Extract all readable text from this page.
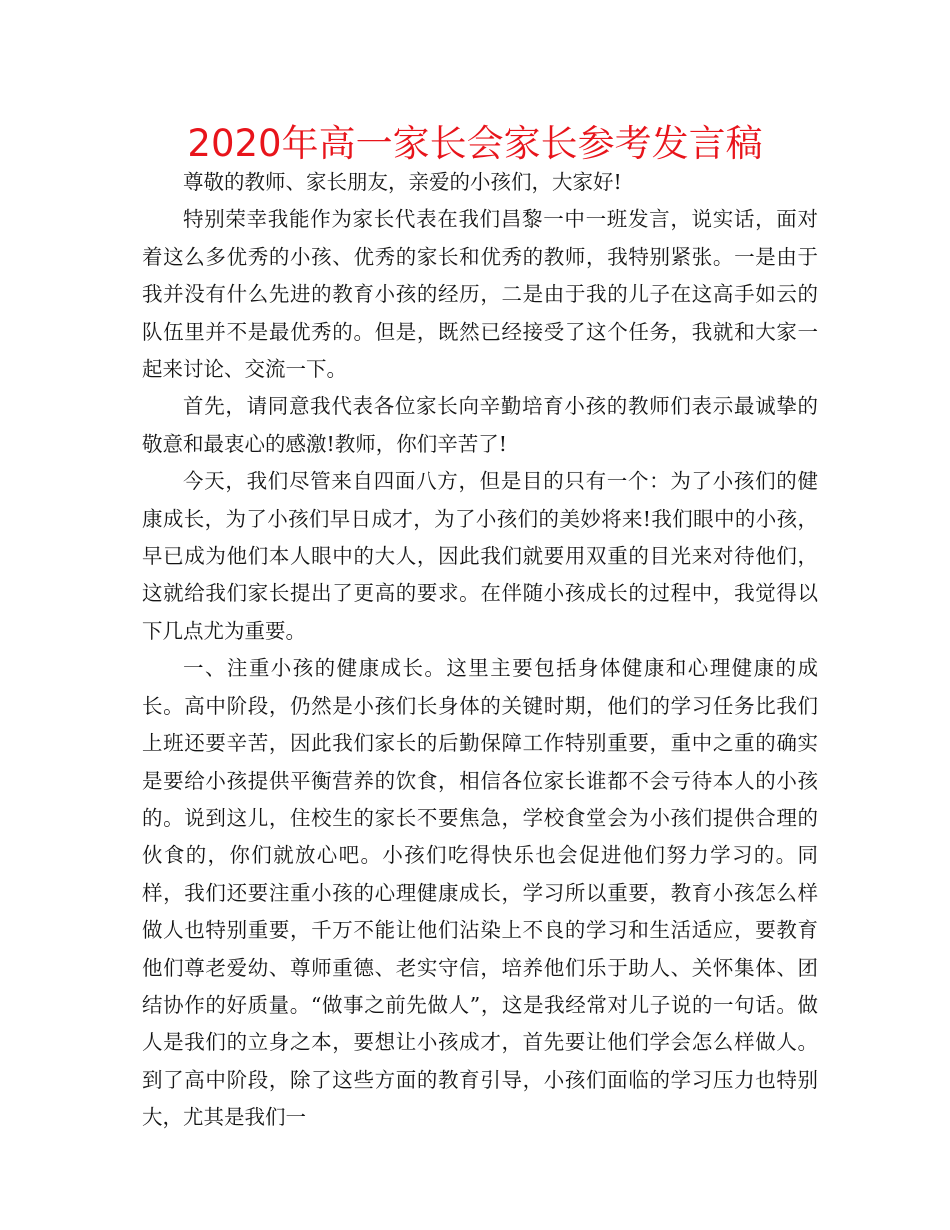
2020年高一家长会家长参考发言稿

尊敬的教师、家长朋友，亲爱的小孩们，大家好!

特别荣幸我能作为家长代表在我们昌黎一中一班发言，说实话，面对着这么多优秀的小孩、优秀的家长和优秀的教师，我特别紧张。一是由于我并没有什么先进的教育小孩的经历，二是由于我的儿子在这高手如云的队伍里并不是最优秀的。但是，既然已经接受了这个任务，我就和大家一起来讨论、交流一下。

首先，请同意我代表各位家长向辛勤培育小孩的教师们表示最诚挚的敬意和最衷心的感激!教师，你们辛苦了!

今天，我们尽管来自四面八方，但是目的只有一个：为了小孩们的健康成长，为了小孩们早日成才，为了小孩们的美妙将来!我们眼中的小孩，早已成为他们本人眼中的大人，因此我们就要用双重的目光来对待他们，这就给我们家长提出了更高的要求。在伴随小孩成长的过程中，我觉得以下几点尤为重要。

一、注重小孩的健康成长。这里主要包括身体健康和心理健康的成长。高中阶段，仍然是小孩们长身体的关键时期，他们的学习任务比我们上班还要辛苦，因此我们家长的后勤保障工作特别重要，重中之重的确实是要给小孩提供平衡营养的饮食，相信各位家长谁都不会亏待本人的小孩的。说到这儿，住校生的家长不要焦急，学校食堂会为小孩们提供合理的伙食的，你们就放心吧。小孩们吃得快乐也会促进他们努力学习的。同样，我们还要注重小孩的心理健康成长，学习所以重要，教育小孩怎么样做人也特别重要，千万不能让他们沾染上不良的学习和生活适应，要教育他们尊老爱幼、尊师重德、老实守信，培养他们乐于助人、关怀集体、团结协作的好质量。“做事之前先做人”，这是我经常对儿子说的一句话。做人是我们的立身之本，要想让小孩成才，首先要让他们学会怎么样做人。到了高中阶段，除了这些方面的教育引导，小孩们面临的学习压力也特别大，尤其是我们一
